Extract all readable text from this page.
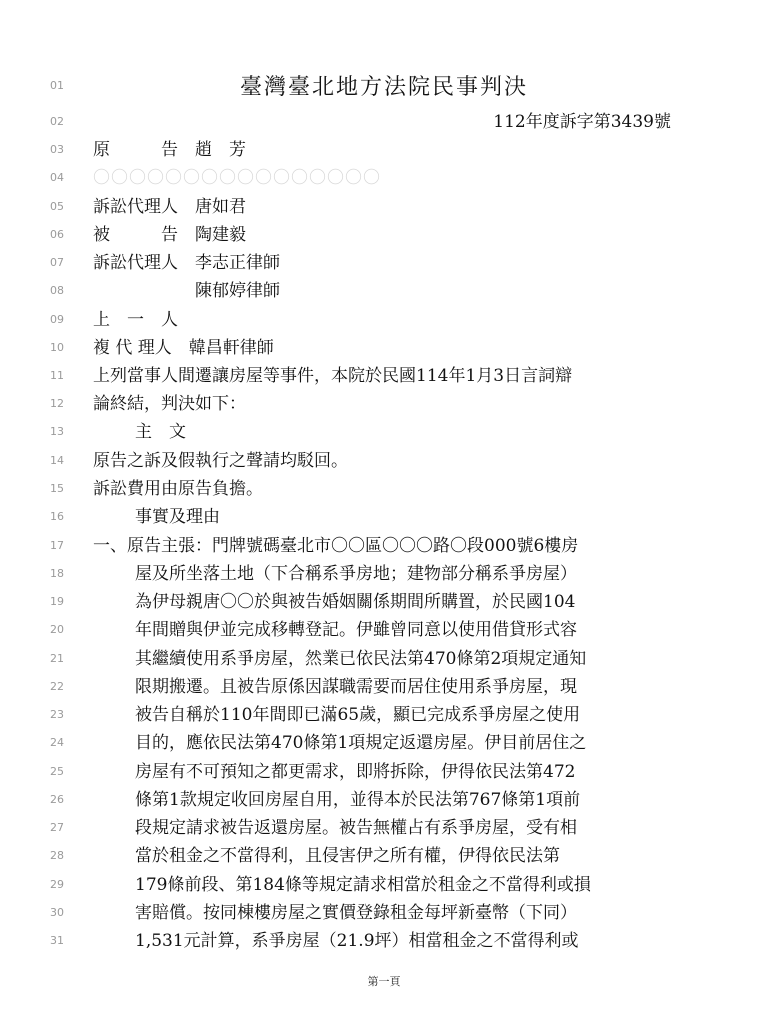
臺灣臺北地方法院民事判決
01
02	112年度訴字第3439號
03	原　　　告　趙　芳
04	〇〇〇〇〇〇〇〇〇〇〇〇〇〇〇〇
05	訴訟代理人　唐如君
06	被　　　告　陶建毅
07	訴訟代理人　李志正律師
08	　　　　　　陳郁婷律師
09	上　一　人
10	複 代 理人　韓昌軒律師
11	上列當事人間遷讓房屋等事件，本院於民國114年1月3日言詞辯
12	論終結，判決如下：
13	主　文
14	原告之訴及假執行之聲請均駁回。
15	訴訟費用由原告負擔。
16	事實及理由
17	一、原告主張：門牌號碼臺北市〇〇區〇〇〇路〇段000號6樓房
18	屋及所坐落土地（下合稱系爭房地；建物部分稱系爭房屋）
19	為伊母親唐〇〇於與被告婚姻關係期間所購置，於民國104
20	年間贈與伊並完成移轉登記。伊雖曾同意以使用借貸形式容
21	其繼續使用系爭房屋，然業已依民法第470條第2項規定通知
22	限期搬遷。且被告原係因謀職需要而居住使用系爭房屋，現
23	被告自稱於110年間即已滿65歲，顯已完成系爭房屋之使用
24	目的，應依民法第470條第1項規定返還房屋。伊目前居住之
25	房屋有不可預知之都更需求，即將拆除，伊得依民法第472
26	條第1款規定收回房屋自用，並得本於民法第767條第1項前
27	段規定請求被告返還房屋。被告無權占有系爭房屋，受有相
28	當於租金之不當得利，且侵害伊之所有權，伊得依民法第
29	179條前段、第184條等規定請求相當於租金之不當得利或損
30	害賠償。按同棟樓房屋之實價登錄租金每坪新臺幣（下同）
31	1,531元計算，系爭房屋（21.9坪）相當租金之不當得利或
第一頁
